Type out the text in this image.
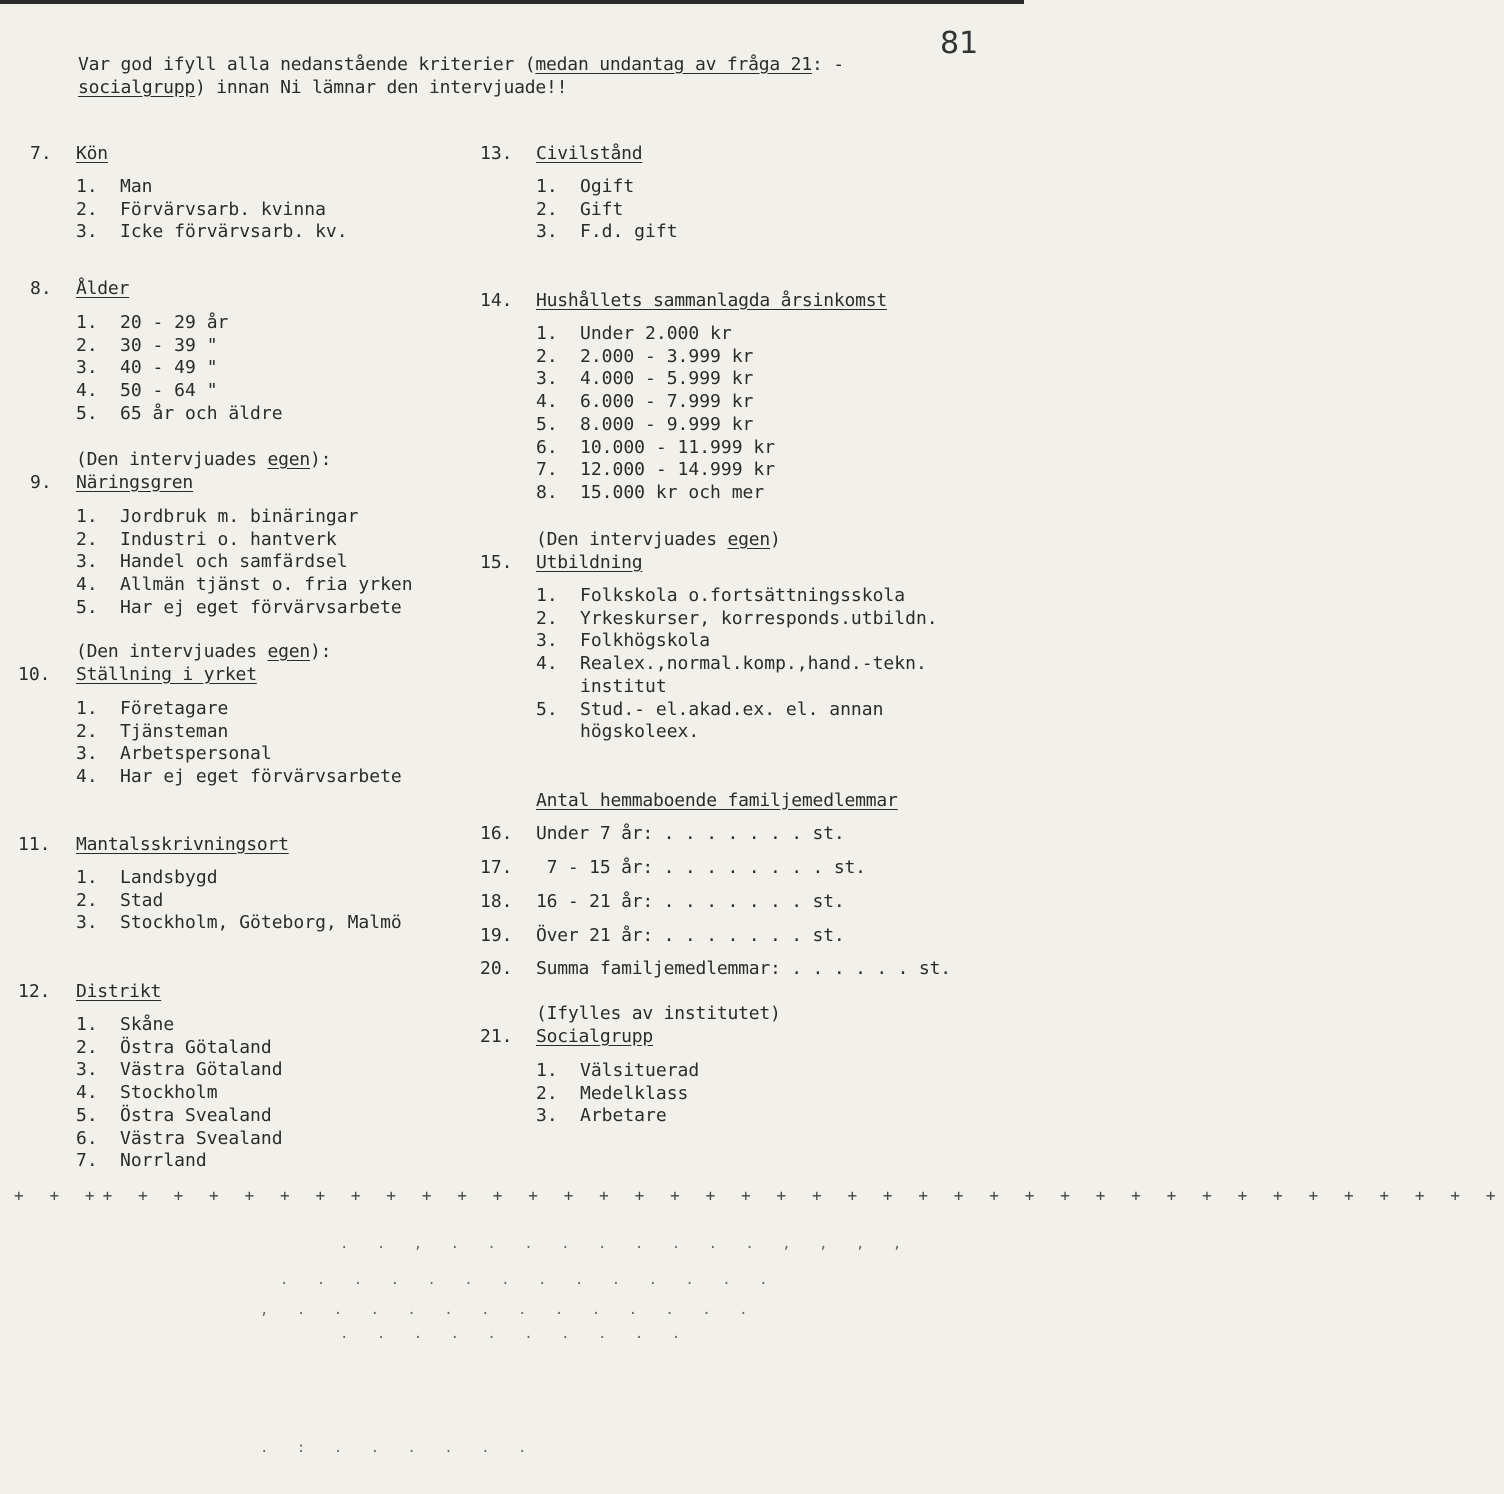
81
Var god ifyll alla nedanstående kriterier (medan undantag av fråga 21: -
socialgrupp) innan Ni lämnar den intervjuade!!
7. Kön
1. Man
2. Förvärvsarb. kvinna
3. Icke förvärvsarb. kv.
8. Ålder
1. 20 - 29 år
2. 30 - 39 "
3. 40 - 49 "
4. 50 - 64 "
5. 65 år och äldre
(Den intervjuades egen):
9. Näringsgren
1. Jordbruk m. binäringar
2. Industri o. hantverk
3. Handel och samfärdsel
4. Allmän tjänst o. fria yrken
5. Har ej eget förvärvsarbete
(Den intervjuades egen):
10. Ställning i yrket
1. Företagare
2. Tjänsteman
3. Arbetspersonal
4. Har ej eget förvärvsarbete
11. Mantalsskrivningsort
1. Landsbygd
2. Stad
3. Stockholm, Göteborg, Malmö
12. Distrikt
1. Skåne
2. Östra Götaland
3. Västra Götaland
4. Stockholm
5. Östra Svealand
6. Västra Svealand
7. Norrland
13. Civilstånd
1. Ogift
2. Gift
3. F.d. gift
14. Hushållets sammanlagda årsinkomst
1. Under 2.000 kr
2. 2.000 - 3.999 kr
3. 4.000 - 5.999 kr
4. 6.000 - 7.999 kr
5. 8.000 - 9.999 kr
6. 10.000 - 11.999 kr
7. 12.000 - 14.999 kr
8. 15.000 kr och mer
(Den intervjuades egen)
15. Utbildning
1. Folkskola o.fortsättningsskola
2. Yrkeskurser, korresponds.utbildn.
3. Folkhögskola
4. Realex.,normal.komp.,hand.-tekn.
institut
5. Stud.- el.akad.ex. el. annan
högskoleex.
Antal hemmaboende familjemedlemmar
16. Under 7 år: . . . . . . . st.
17. 7 - 15 år: . . . . . . . . st.
18. 16 - 21 år: . . . . . . . st.
19. Över 21 år: . . . . . . . st.
20. Summa familjemedlemmar: . . . . . . st.
(Ifylles av institutet)
21. Socialgrupp
1. Välsituerad
2. Medelklass
3. Arbetare
+ + ++ + + + + + + + + + + + + + + + + + + + + + + + + + + + + + + + + + + + + + + +
. . , . . . . . . . . . , , , ,
. . . . . . . . . . . . . .
, . . . . . . . . . . . . .
. . . . . . . . . .
. : . . . . . .
